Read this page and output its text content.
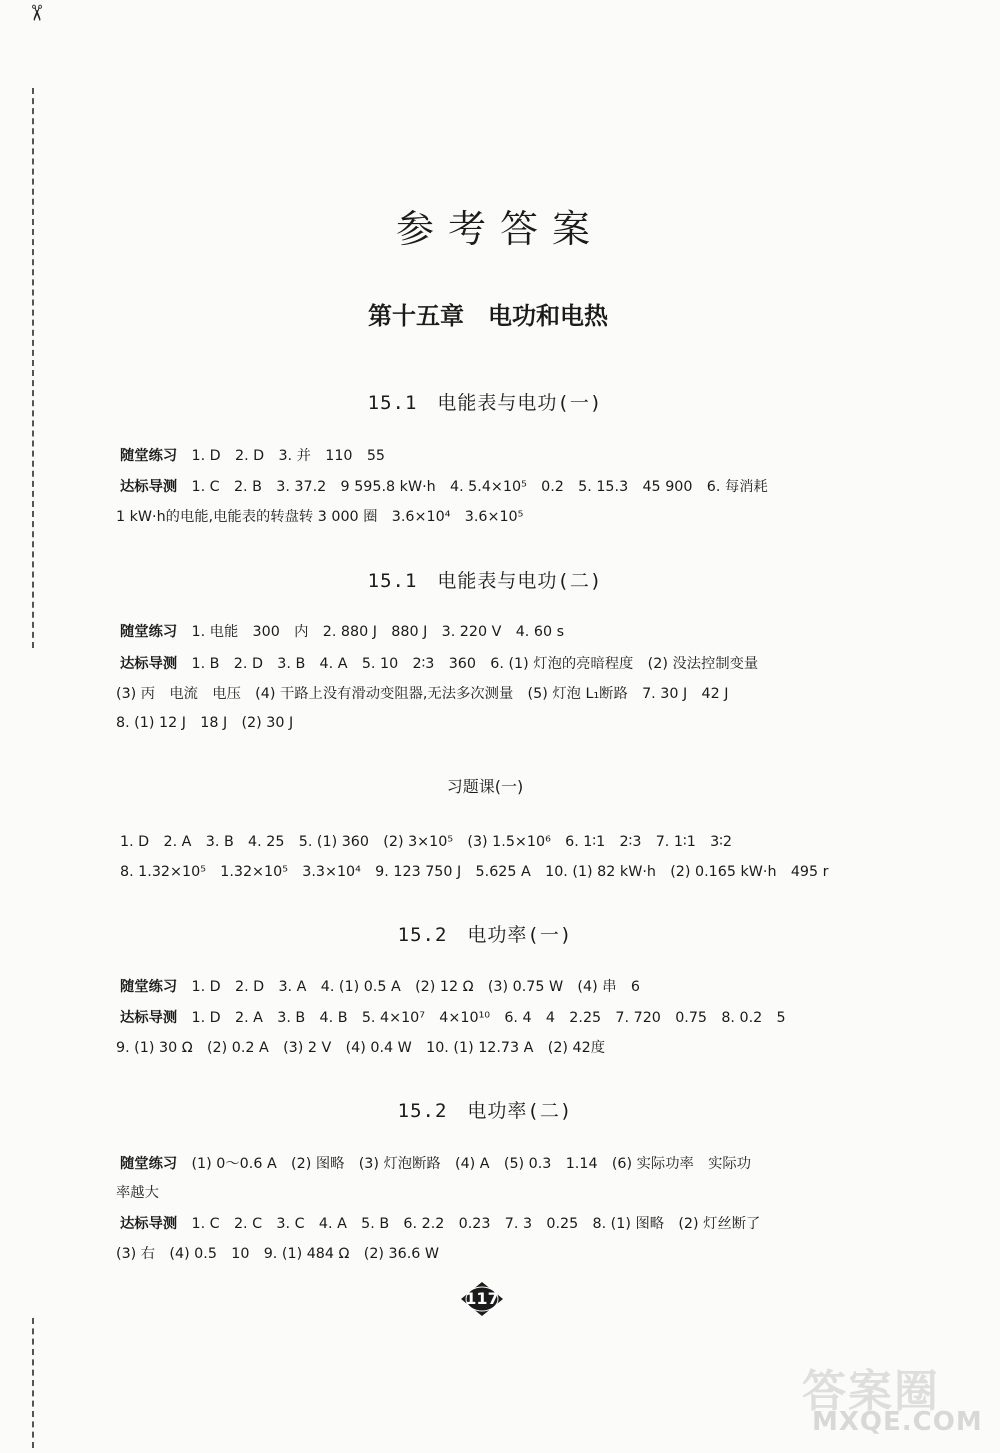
✂
参考答案
第十五章　电功和电热
15.1　电能表与电功(一)
随堂练习　 1. D　2. D　3. 并　110　55
达标导测　 1. C　2. B　3. 37.2　9 595.8 kW·h　4. 5.4×10⁵　0.2　5. 15.3　45 900　6. 每消耗
1 kW·h的电能,电能表的转盘转 3 000 圈　3.6×10⁴　3.6×10⁵
15.1　电能表与电功(二)
随堂练习　 1. 电能　300　内　2. 880 J　880 J　3. 220 V　4. 60 s
达标导测　 1. B　2. D　3. B　4. A　5. 10　2∶3　360　6. (1) 灯泡的亮暗程度　(2) 没法控制变量
(3) 丙　电流　电压　(4) 干路上没有滑动变阻器,无法多次测量　(5) 灯泡 L₁断路　7. 30 J　42 J
8. (1) 12 J　18 J　(2) 30 J
习题课(一)
1. D　2. A　3. B　4. 25　5. (1) 360　(2) 3×10⁵　(3) 1.5×10⁶　6. 1∶1　2∶3　7. 1∶1　3∶2
8. 1.32×10⁵　1.32×10⁵　3.3×10⁴　9. 123 750 J　5.625 A　10. (1) 82 kW·h　(2) 0.165 kW·h　495 r
15.2　电功率(一)
随堂练习　 1. D　2. D　3. A　4. (1) 0.5 A　(2) 12 Ω　(3) 0.75 W　(4) 串　6
达标导测　 1. D　2. A　3. B　4. B　5. 4×10⁷　4×10¹⁰　6. 4　4　2.25　7. 720　0.75　8. 0.2　5
9. (1) 30 Ω　(2) 0.2 A　(3) 2 V　(4) 0.4 W　10. (1) 12.73 A　(2) 42度
15.2　电功率(二)
随堂练习　 (1) 0～0.6 A　(2) 图略　(3) 灯泡断路　(4) A　(5) 0.3　1.14　(6) 实际功率　实际功
率越大
达标导测　 1. C　2. C　3. C　4. A　5. B　6. 2.2　0.23　7. 3　0.25　8. (1) 图略　(2) 灯丝断了
(3) 右　(4) 0.5　10　9. (1) 484 Ω　(2) 36.6 W
117
答案圈
MXQE.COM
